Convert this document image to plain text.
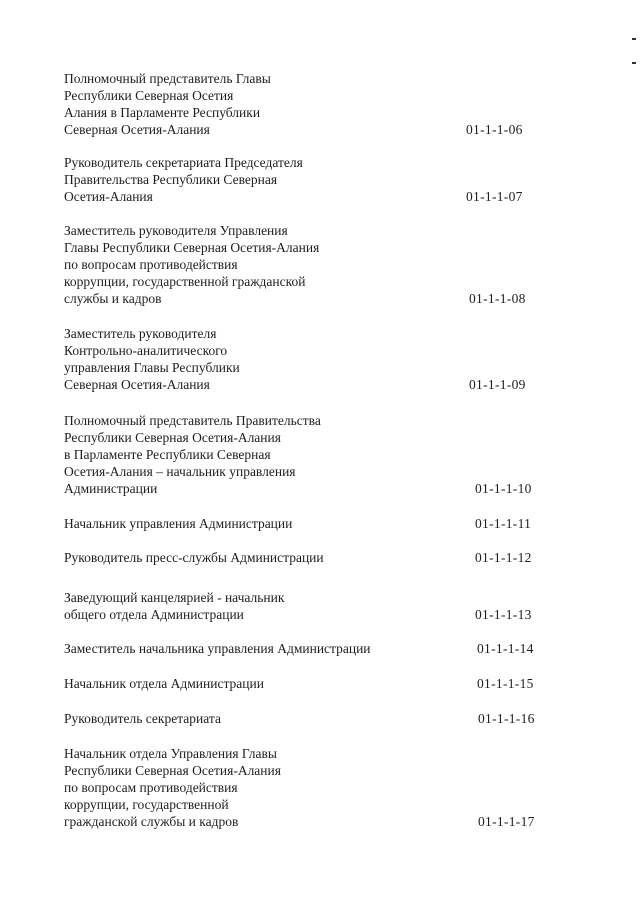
Полномочный представитель Главы
Республики Северная Осетия
Алания в Парламенте Республики
Северная Осетия-Алания	01-1-1-06
Руководитель секретариата Председателя
Правительства Республики Северная
Осетия-Алания	01-1-1-07
Заместитель руководителя Управления
Главы Республики Северная Осетия-Алания
по вопросам противодействия
коррупции, государственной гражданской
службы и кадров	01-1-1-08
Заместитель руководителя
Контрольно-аналитического
управления Главы Республики
Северная Осетия-Алания	01-1-1-09
Полномочный представитель Правительства
Республики Северная Осетия-Алания
в Парламенте Республики Северная
Осетия-Алания – начальник управления
Администрации	01-1-1-10
Начальник управления Администрации	01-1-1-11
Руководитель пресс-службы Администрации	01-1-1-12
Заведующий канцелярией - начальник
общего отдела Администрации	01-1-1-13
Заместитель начальника управления Администрации	01-1-1-14
Начальник отдела Администрации	01-1-1-15
Руководитель секретариата	01-1-1-16
Начальник отдела Управления Главы
Республики Северная Осетия-Алания
по вопросам противодействия
коррупции, государственной
гражданской службы и кадров	01-1-1-17
